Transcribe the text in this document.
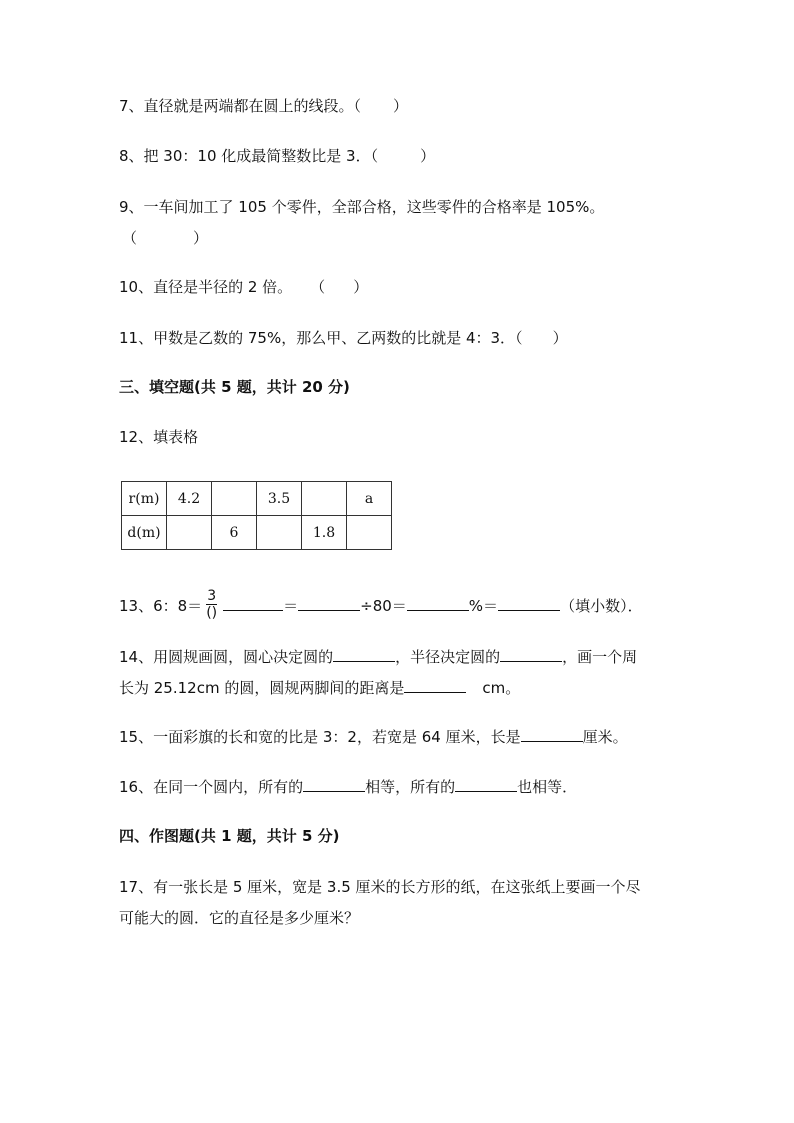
7、直径就是两端都在圆上的线段。（ ）
8、把 30：10 化成最简整数比是 3．（	）
9、一车间加工了 105 个零件，全部合格，这些零件的合格率是 105%。
（	）
10、直径是半径的 2 倍。 （ ）
11、甲数是乙数的 75%，那么甲、乙两数的比就是 4：3．（ ）
三、填空题(共 5 题，共计 20 分)
12、填表格
r(m)	4.2		3.5		a
d(m)		6		1.8	
13、6：$8= \frac{3}{()}$	＝	÷80＝	%＝	（填小数）．
14、用圆规画圆，圆心决定圆的	，半径决定圆的	，画一个周
长为 25.12cm 的圆，圆规两脚间的距离是	cm。
15、一面彩旗的长和宽的比是 3：2，若宽是 64 厘米，长是	厘米。
16、在同一个圆内，所有的	相等，所有的	也相等．
四、作图题(共 1 题，共计 5 分)
17、有一张长是 5 厘米，宽是 3.5 厘米的长方形的纸，在这张纸上要画一个尽
可能大的圆．它的直径是多少厘米？
